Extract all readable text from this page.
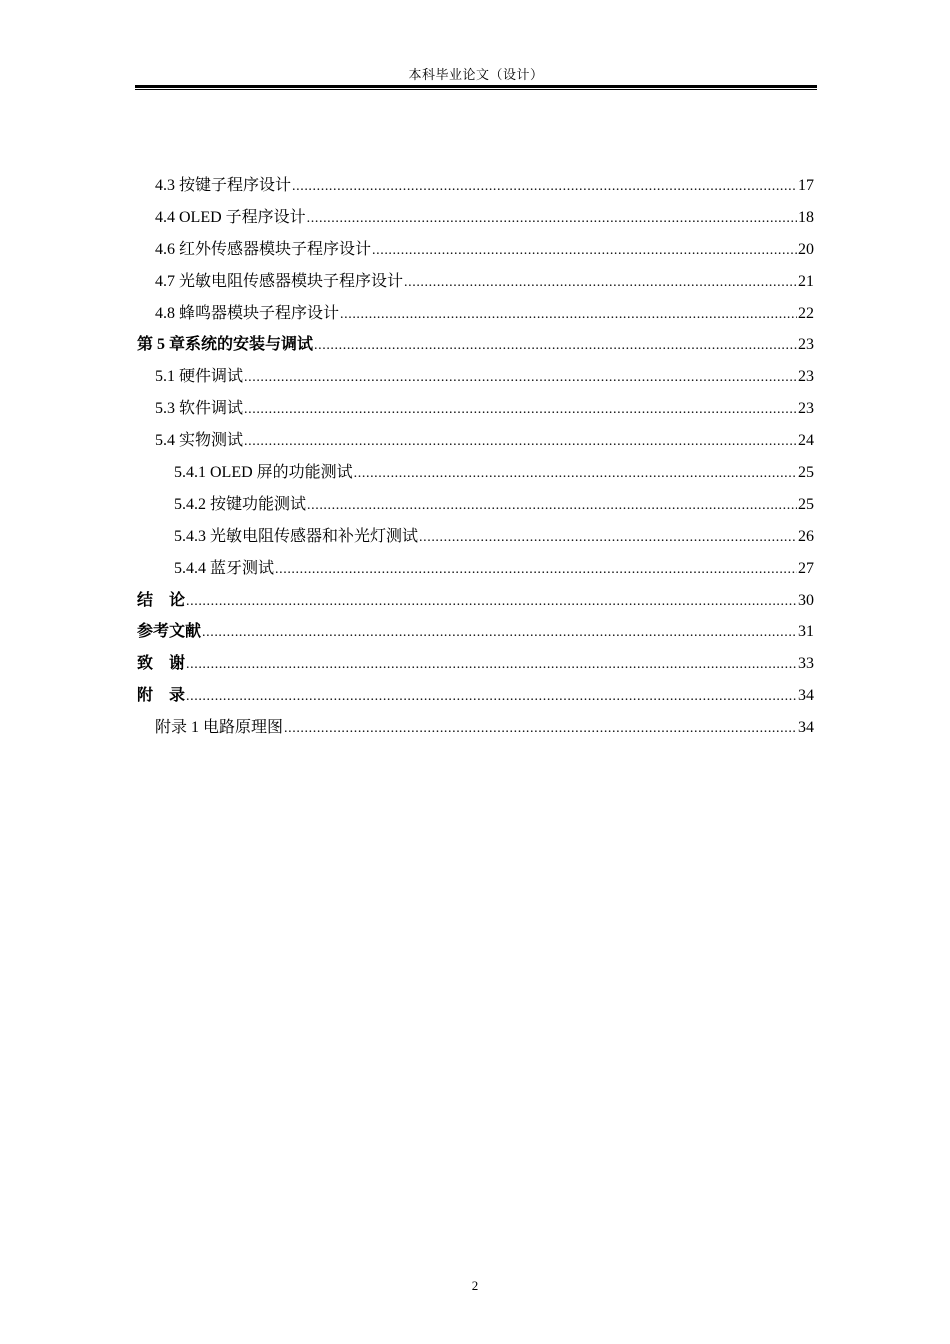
本科毕业论文（设计）
4.3 按键子程序设计 .....	17
4.4 OLED 子程序设计 .....	18
4.6 红外传感器模块子程序设计 .....	20
4.7 光敏电阻传感器模块子程序设计 .....	21
4.8 蜂鸣器模块子程序设计 .....	22
第 5 章系统的安装与调试 .....	23
5.1 硬件调试 .....	23
5.3 软件调试 .....	23
5.4 实物测试 .....	24
5.4.1 OLED 屏的功能测试 .....	25
5.4.2 按键功能测试 .....	25
5.4.3 光敏电阻传感器和补光灯测试 .....	26
5.4.4 蓝牙测试 .....	27
结　论 .....	30
参考文献 .....	31
致　谢 .....	33
附　录 .....	34
附录 1 电路原理图 .....	34
2
